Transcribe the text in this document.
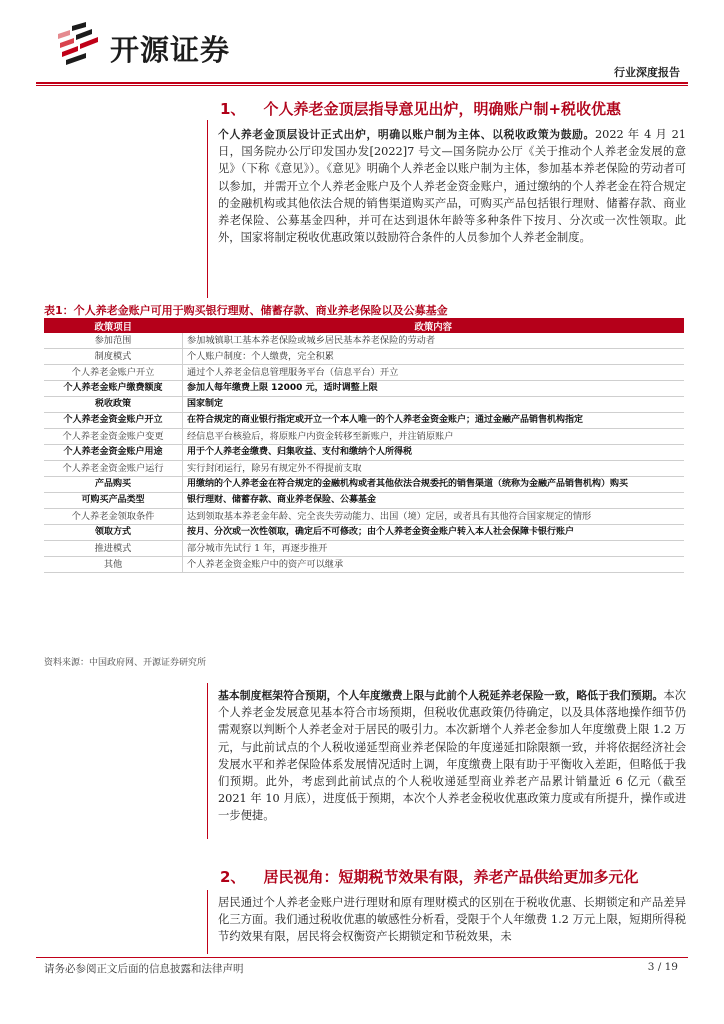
开源证券
行业深度报告
1、 个人养老金顶层指导意见出炉，明确账户制+税收优惠
个人养老金顶层设计正式出炉，明确以账户制为主体、以税收政策为鼓励。2022 年 4 月 21 日，国务院办公厅印发国办发[2022]7 号文—国务院办公厅《关于推动个人养老金发展的意见》（下称《意见》）。《意见》明确个人养老金以账户制为主体，参加基本养老保险的劳动者可以参加，并需开立个人养老金账户及个人养老金资金账户，通过缴纳的个人养老金在符合规定的金融机构或其他依法合规的销售渠道购买产品，可购买产品包括银行理财、储蓄存款、商业养老保险、公募基金四种，并可在达到退休年龄等多种条件下按月、分次或一次性领取。此外，国家将制定税收优惠政策以鼓励符合条件的人员参加个人养老金制度。
表1：个人养老金账户可用于购买银行理财、储蓄存款、商业养老保险以及公募基金
政策项目	政策内容
参加范围	参加城镇职工基本养老保险或城乡居民基本养老保险的劳动者
制度模式	个人账户制度：个人缴费，完全积累
个人养老金账户开立	通过个人养老金信息管理服务平台（信息平台）开立
个人养老金账户缴费额度	参加人每年缴费上限 12000 元，适时调整上限
税收政策	国家制定
个人养老金资金账户开立	在符合规定的商业银行指定或开立一个本人唯一的个人养老金资金账户；通过金融产品销售机构指定
个人养老金资金账户变更	经信息平台核验后，将原账户内资金转移至新账户，并注销原账户
个人养老金资金账户用途	用于个人养老金缴费、归集收益、支付和缴纳个人所得税
个人养老金资金账户运行	实行封闭运行，除另有规定外不得提前支取
产品购买	用缴纳的个人养老金在符合规定的金融机构或者其他依法合规委托的销售渠道（统称为金融产品销售机构）购买
可购买产品类型	银行理财、储蓄存款、商业养老保险、公募基金
个人养老金领取条件	达到领取基本养老金年龄、完全丧失劳动能力、出国（境）定居，或者具有其他符合国家规定的情形
领取方式	按月、分次或一次性领取，确定后不可修改；由个人养老金资金账户转入本人社会保障卡银行账户
推进模式	部分城市先试行 1 年，再逐步推开
其他	个人养老金资金账户中的资产可以继承
资料来源：中国政府网、开源证券研究所
基本制度框架符合预期，个人年度缴费上限与此前个人税延养老保险一致，略低于我们预期。本次个人养老金发展意见基本符合市场预期，但税收优惠政策仍待确定，以及具体落地操作细节仍需观察以判断个人养老金对于居民的吸引力。本次新增个人养老金参加人年度缴费上限 1.2 万元，与此前试点的个人税收递延型商业养老保险的年度递延扣除限额一致，并将依据经济社会发展水平和养老保险体系发展情况适时上调，年度缴费上限有助于平衡收入差距，但略低于我们预期。此外，考虑到此前试点的个人税收递延型商业养老产品累计销量近 6 亿元（截至 2021 年 10 月底），进度低于预期，本次个人养老金税收优惠政策力度或有所提升，操作或进一步便捷。
2、 居民视角：短期税节效果有限，养老产品供给更加多元化
居民通过个人养老金账户进行理财和原有理财模式的区别在于税收优惠、长期锁定和产品差异化三方面。我们通过税收优惠的敏感性分析看，受限于个人年缴费 1.2 万元上限，短期所得税节约效果有限，居民将会权衡资产长期锁定和节税效果，未
请务必参阅正文后面的信息披露和法律声明	3 / 19
